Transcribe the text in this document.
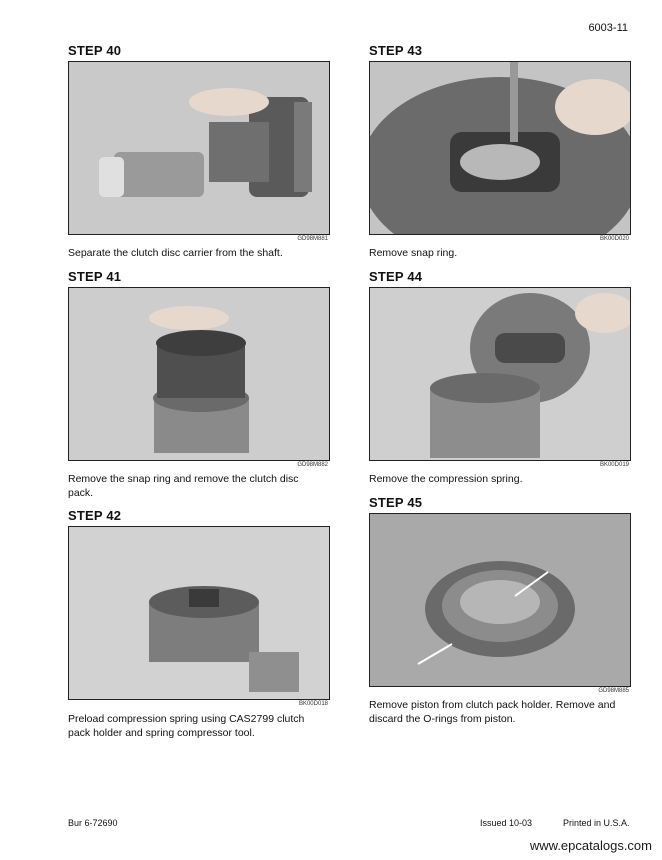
6003-11
STEP 40
GD98M881
Separate the clutch disc carrier from the shaft.
STEP 41
GD98M882
Remove the snap ring and remove the clutch disc
pack.
STEP 42
BK00D018
Preload compression spring using CAS2799 clutch
pack holder and spring compressor tool.
STEP 43
BK00D020
Remove snap ring.
STEP 44
BK00D019
Remove the compression spring.
STEP 45
GD98M885
Remove piston from clutch pack holder. Remove and
discard the O-rings from piston.
Bur 6-72690	Issued 10-03	Printed in U.S.A.
www.epcatalogs.com
